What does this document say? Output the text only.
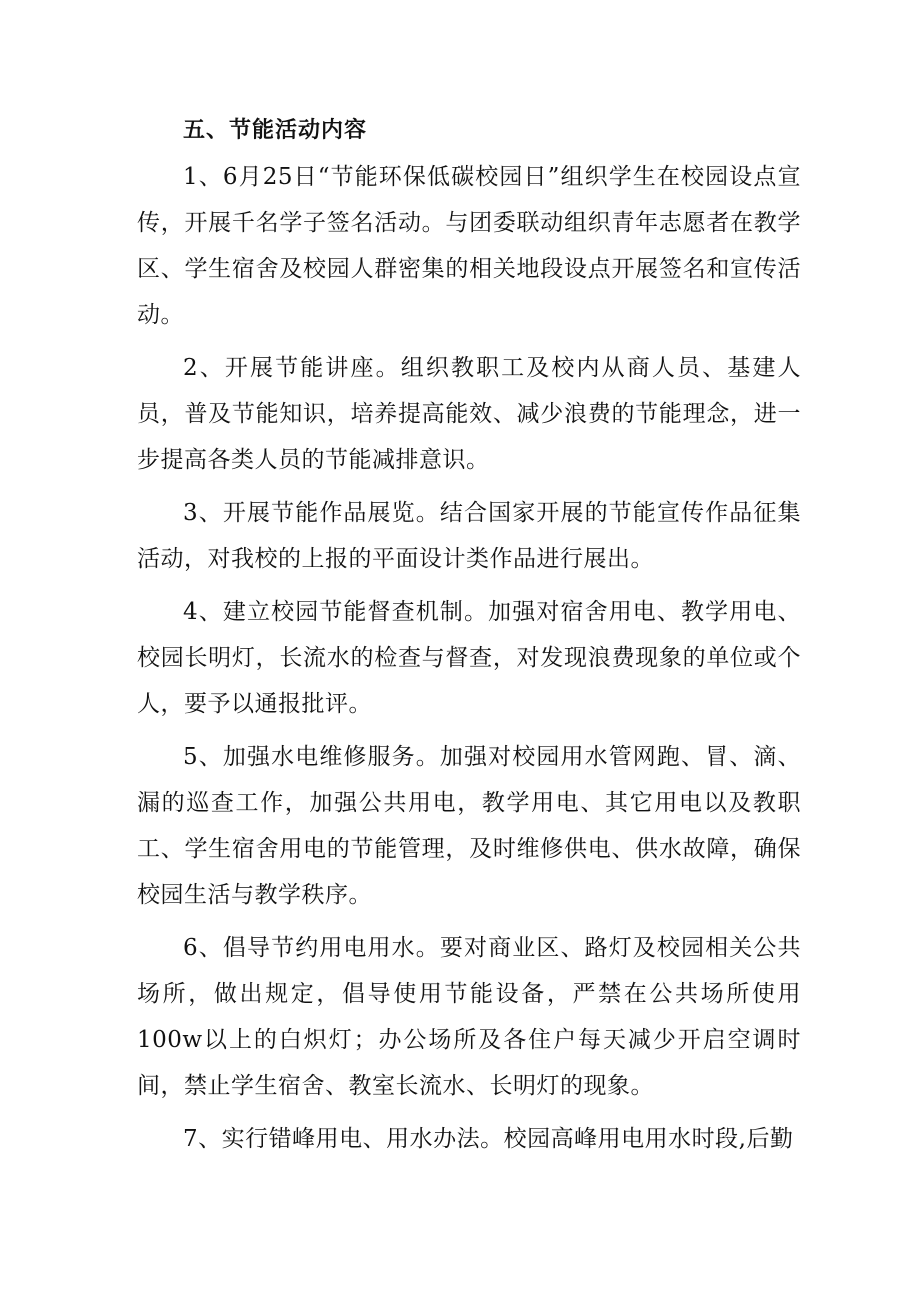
五、节能活动内容

1、6月25日“节能环保低碳校园日”组织学生在校园设点宣传，开展千名学子签名活动。与团委联动组织青年志愿者在教学区、学生宿舍及校园人群密集的相关地段设点开展签名和宣传活动。

2、开展节能讲座。组织教职工及校内从商人员、基建人员，普及节能知识，培养提高能效、减少浪费的节能理念，进一步提高各类人员的节能减排意识。

3、开展节能作品展览。结合国家开展的节能宣传作品征集活动，对我校的上报的平面设计类作品进行展出。

4、建立校园节能督查机制。加强对宿舍用电、教学用电、校园长明灯，长流水的检查与督查，对发现浪费现象的单位或个人，要予以通报批评。

5、加强水电维修服务。加强对校园用水管网跑、冒、滴、漏的巡查工作，加强公共用电，教学用电、其它用电以及教职工、学生宿舍用电的节能管理，及时维修供电、供水故障，确保校园生活与教学秩序。

6、倡导节约用电用水。要对商业区、路灯及校园相关公共场所，做出规定，倡导使用节能设备，严禁在公共场所使用100w以上的白炽灯；办公场所及各住户每天减少开启空调时间，禁止学生宿舍、教室长流水、长明灯的现象。

7、实行错峰用电、用水办法。校园高峰用电用水时段,后勤
